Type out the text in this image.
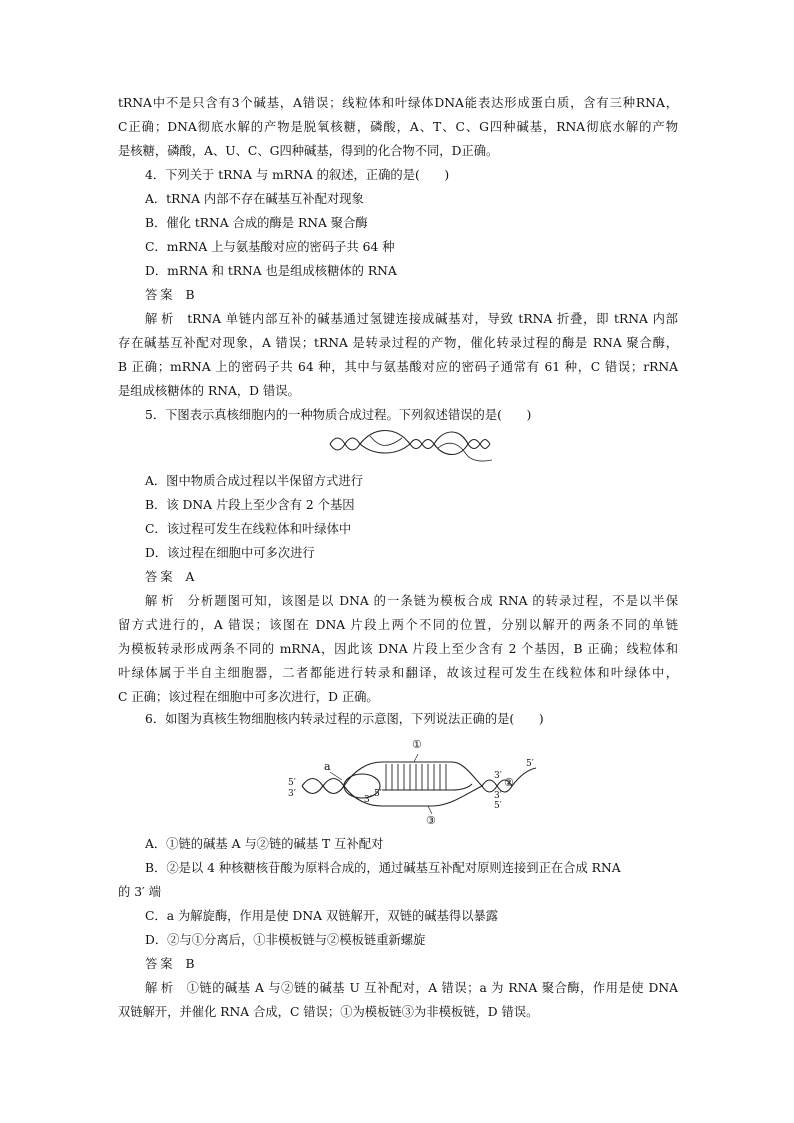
tRNA中不是只含有3个碱基，A错误；线粒体和叶绿体DNA能表达形成蛋白质，含有三种RNA，
C正确；DNA彻底水解的产物是脱氧核糖，磷酸，A、T、C、G四种碱基，RNA彻底水解的产物
是核糖，磷酸，A、U、C、G四种碱基，得到的化合物不同，D正确。
4．下列关于 tRNA 与 mRNA 的叙述，正确的是(　　)
A．tRNA 内部不存在碱基互补配对现象
B．催化 tRNA 合成的酶是 RNA 聚合酶
C．mRNA 上与氨基酸对应的密码子共 64 种
D．mRNA 和 tRNA 也是组成核糖体的 RNA
答案 B
解析 tRNA 单链内部互补的碱基通过氢键连接成碱基对，导致 tRNA 折叠，即 tRNA 内部
存在碱基互补配对现象，A 错误；tRNA 是转录过程的产物，催化转录过程的酶是 RNA 聚合酶，
B 正确；mRNA 上的密码子共 64 种，其中与氨基酸对应的密码子通常有 61 种，C 错误；rRNA
是组成核糖体的 RNA，D 错误。
5．下图表示真核细胞内的一种物质合成过程。下列叙述错误的是(　　)
A．图中物质合成过程以半保留方式进行
B．该 DNA 片段上至少含有 2 个基因
C．该过程可发生在线粒体和叶绿体中
D．该过程在细胞中可多次进行
答案 A
解析 分析题图可知，该图是以 DNA 的一条链为模板合成 RNA 的转录过程，不是以半保
留方式进行的，A 错误；该图在 DNA 片段上两个不同的位置，分别以解开的两条不同的单链
为模板转录形成两条不同的 mRNA，因此该 DNA 片段上至少含有 2 个基因，B 正确；线粒体和
叶绿体属于半自主细胞器，二者都能进行转录和翻译，故该过程可发生在线粒体和叶绿体中，
C 正确；该过程在细胞中可多次进行，D 正确。
6．如图为真核生物细胞核内转录过程的示意图，下列说法正确的是(　　)
①
②
③
a
5′
3′
5′
3′
3′
5′	3′
5′
A．①链的碱基 A 与②链的碱基 T 互补配对
B．②是以 4 种核糖核苷酸为原料合成的，通过碱基互补配对原则连接到正在合成 RNA
的 3′ 端
C．a 为解旋酶，作用是使 DNA 双链解开，双链的碱基得以暴露
D．②与①分离后，①非模板链与②模板链重新螺旋
答案 B
解析 ①链的碱基 A 与②链的碱基 U 互补配对，A 错误；a 为 RNA 聚合酶，作用是使 DNA
双链解开，并催化 RNA 合成，C 错误；①为模板链③为非模板链，D 错误。
